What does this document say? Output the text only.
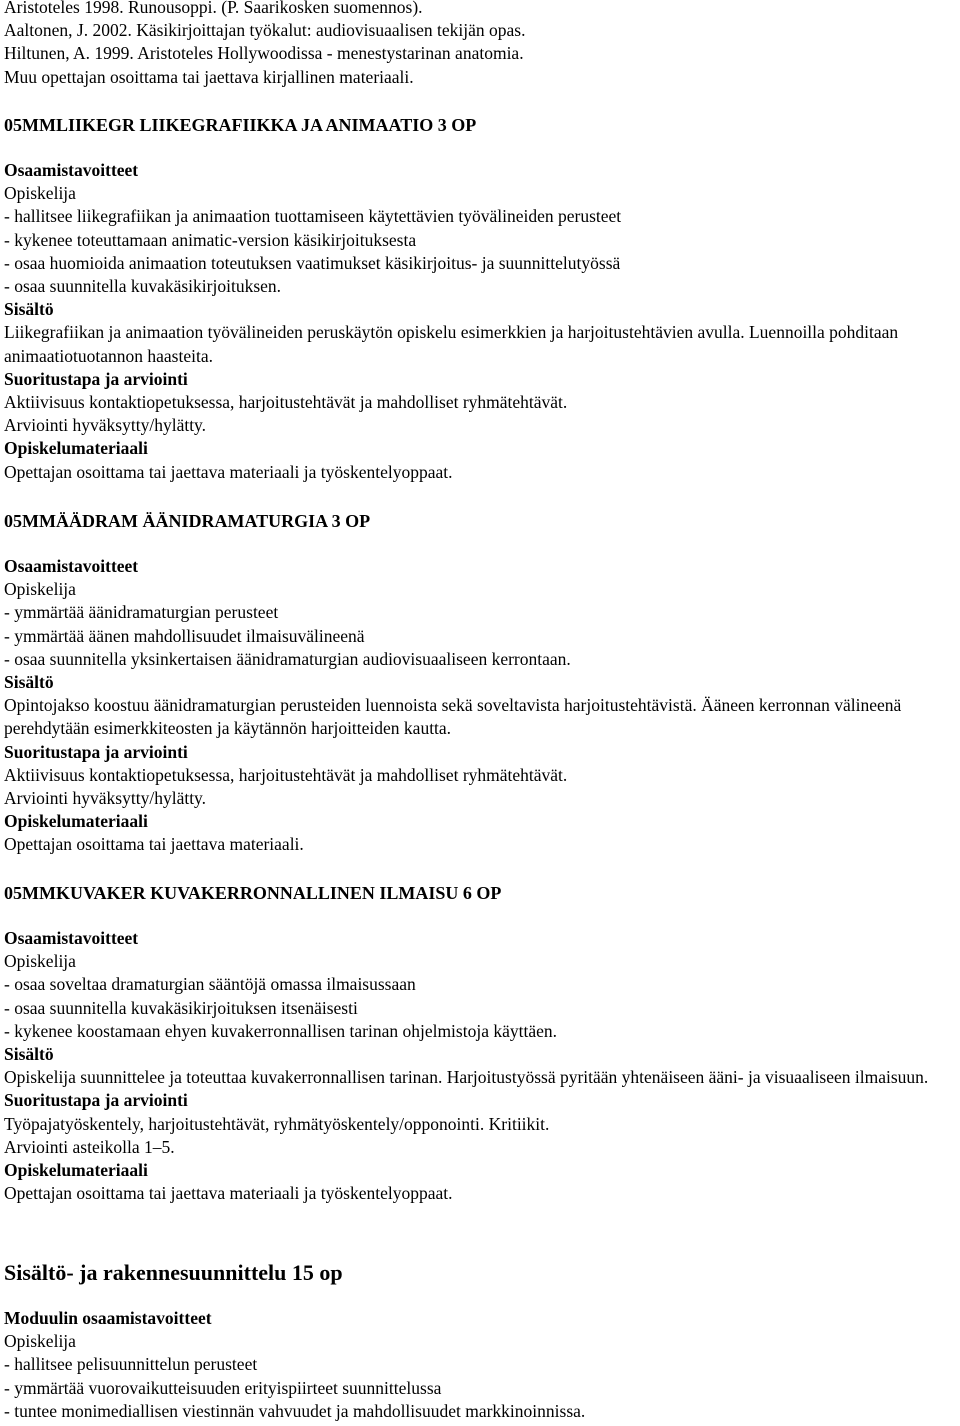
Aristoteles 1998. Runousoppi. (P. Saarikosken suomennos).

Aaltonen, J. 2002. Käsikirjoittajan työkalut: audiovisuaalisen tekijän opas.

Hiltunen, A. 1999. Aristoteles Hollywoodissa - menestystarinan anatomia.

Muu opettajan osoittama tai jaettava kirjallinen materiaali.

05MMLIIKEGR LIIKEGRAFIIKKA JA ANIMAATIO 3 OP

Osaamistavoitteet

Opiskelija

- hallitsee liikegrafiikan ja animaation tuottamiseen käytettävien työvälineiden perusteet

- kykenee toteuttamaan animatic-version käsikirjoituksesta

- osaa huomioida animaation toteutuksen vaatimukset käsikirjoitus- ja suunnittelutyössä

- osaa suunnitella kuvakäsikirjoituksen.

Sisältö

Liikegrafiikan ja animaation työvälineiden peruskäytön opiskelu esimerkkien ja harjoitustehtävien avulla. Luennoilla pohditaan animaatiotuotannon haasteita.

Suoritustapa ja arviointi

Aktiivisuus kontaktiopetuksessa, harjoitustehtävät ja mahdolliset ryhmätehtävät.

Arviointi hyväksytty/hylätty.

Opiskelumateriaali

Opettajan osoittama tai jaettava materiaali ja työskentelyoppaat.

05MMÄÄDRAM ÄÄNIDRAMATURGIA 3 OP

Osaamistavoitteet

Opiskelija

- ymmärtää äänidramaturgian perusteet

- ymmärtää äänen mahdollisuudet ilmaisuvälineenä

- osaa suunnitella yksinkertaisen äänidramaturgian audiovisuaaliseen kerrontaan.

Sisältö

Opintojakso koostuu äänidramaturgian perusteiden luennoista sekä soveltavista harjoitustehtävistä. Ääneen kerronnan välineenä perehdytään esimerkkiteosten ja käytännön harjoitteiden kautta.

Suoritustapa ja arviointi

Aktiivisuus kontaktiopetuksessa, harjoitustehtävät ja mahdolliset ryhmätehtävät.

Arviointi hyväksytty/hylätty.

Opiskelumateriaali

Opettajan osoittama tai jaettava materiaali.

05MMKUVAKER KUVAKERRONNALLINEN ILMAISU 6 OP

Osaamistavoitteet

Opiskelija

- osaa soveltaa dramaturgian sääntöjä omassa ilmaisussaan

- osaa suunnitella kuvakäsikirjoituksen itsenäisesti

- kykenee koostamaan ehyen kuvakerronnallisen tarinan ohjelmistoja käyttäen.

Sisältö

Opiskelija suunnittelee ja toteuttaa kuvakerronnallisen tarinan. Harjoitustyössä pyritään yhtenäiseen ääni- ja visuaaliseen ilmaisuun.

Suoritustapa ja arviointi

Työpajatyöskentely, harjoitustehtävät, ryhmätyöskentely/opponointi. Kritiikit.

Arviointi asteikolla 1–5.

Opiskelumateriaali

Opettajan osoittama tai jaettava materiaali ja työskentelyoppaat.

Sisältö- ja rakennesuunnittelu 15 op

Moduulin osaamistavoitteet

Opiskelija

- hallitsee pelisuunnittelun perusteet

- ymmärtää vuorovaikutteisuuden erityispiirteet suunnittelussa

- tuntee monimediallisen viestinnän vahvuudet ja mahdollisuudet markkinoinnissa.
